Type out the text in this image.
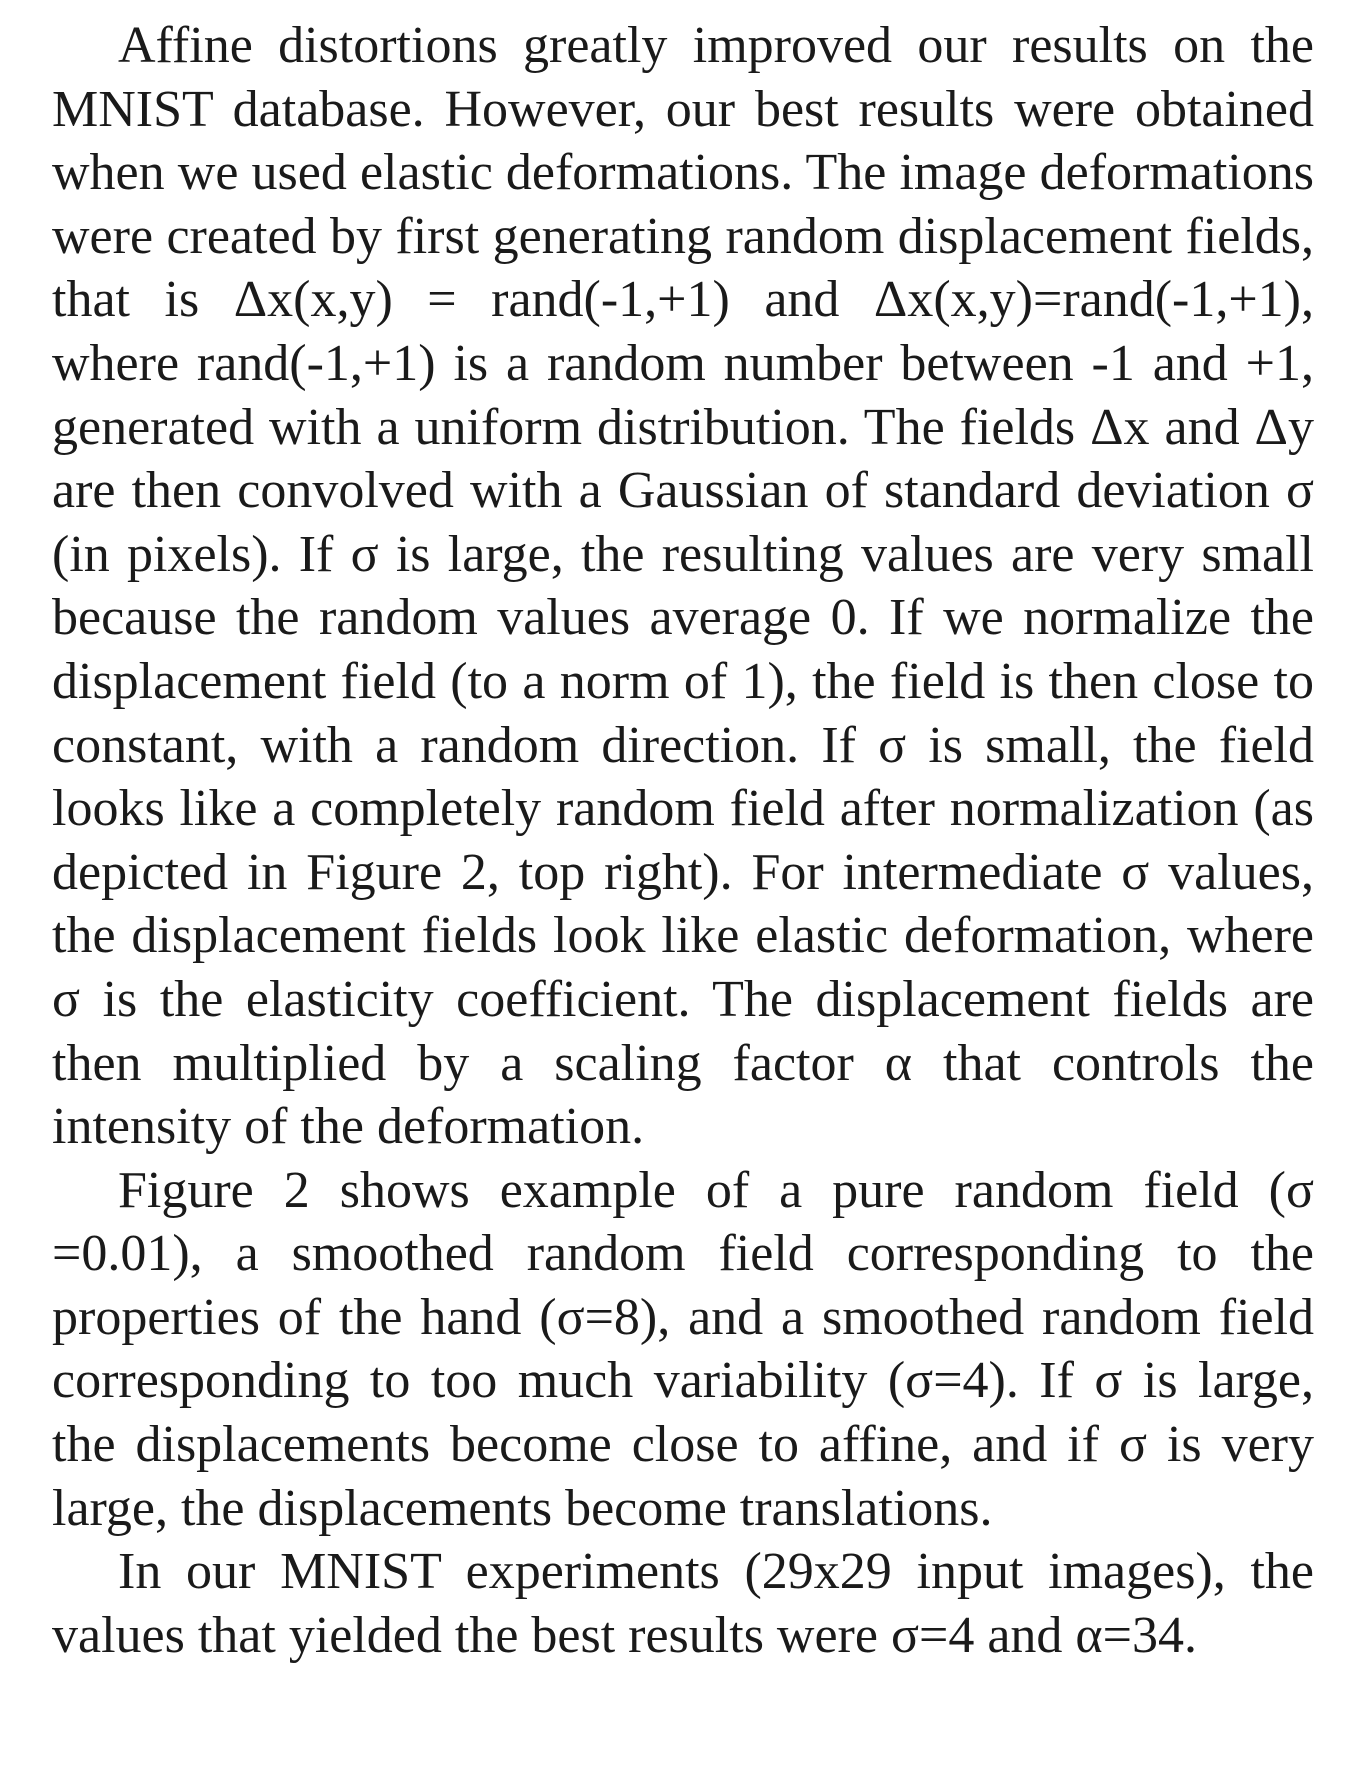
Affine distortions greatly improved our results on the MNIST database. However, our best results were obtained when we used elastic deformations. The image deformations were created by first generating random displacement fields, that is Δx(x,y) = rand(-1,+1) and Δx(x,y)=rand(-1,+1), where rand(-1,+1) is a random number between -1 and +1, generated with a uniform distribution. The fields Δx and Δy are then convolved with a Gaussian of standard deviation σ (in pixels). If σ is large, the resulting values are very small because the random values average 0. If we normalize the displacement field (to a norm of 1), the field is then close to constant, with a random direction. If σ is small, the field looks like a completely random field after normalization (as depicted in Figure 2, top right). For intermediate σ values, the displacement fields look like elastic deformation, where σ is the elasticity coefficient. The displacement fields are then multiplied by a scaling factor α that controls the intensity of the deformation.

Figure 2 shows example of a pure random field (σ =0.01), a smoothed random field corresponding to the properties of the hand (σ=8), and a smoothed random field corresponding to too much variability (σ=4). If σ is large, the displacements become close to affine, and if σ is very large, the displacements become translations.

In our MNIST experiments (29x29 input images), the values that yielded the best results were σ=4 and α=34.
